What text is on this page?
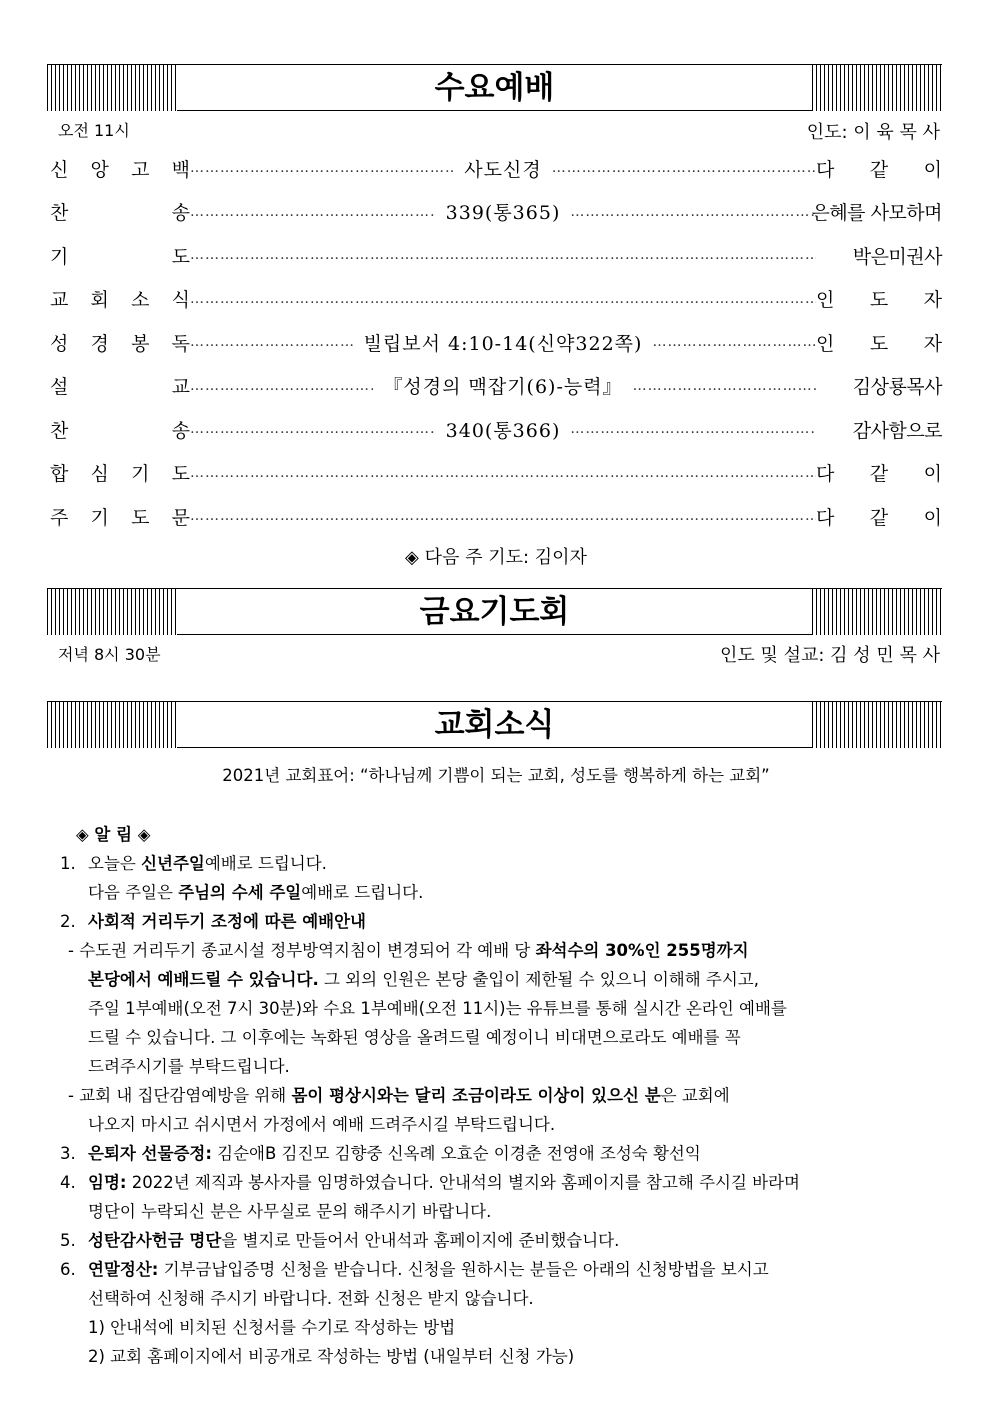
수요예배
오전 11시	인도: 이 육 목 사
신 앙 고 백 ………………………………………………………………………………………………………………………………………………………………	사도신경 ………………………………………………………………………………………………………………………………………………………………	다 같 이
찬	송 ………………………………………………………………………………………………………………………………………………………………	339(통365) ………………………………………………………………………………………………………………………………………………………………	은혜를 사모하며
기	도 ………………………………………………………………………………………………………………………………………………………………	박은미권사
교 회 소 식 ………………………………………………………………………………………………………………………………………………………………	인 도 자
성 경 봉 독 ………………………………………………………………………………………………………………………………………………………………	빌립보서 4:10-14(신약322쪽) ………………………………………………………………………………………………………………………………………………………………	인 도 자
설	교 ………………………………………………………………………………………………………………………………………………………………	『성경의 맥잡기(6)-능력』 ………………………………………………………………………………………………………………………………………………………………	김상룡목사
찬	송 ………………………………………………………………………………………………………………………………………………………………	340(통366) ………………………………………………………………………………………………………………………………………………………………	감사함으로
합 심 기 도 ………………………………………………………………………………………………………………………………………………………………	다 같 이
주 기 도 문 ………………………………………………………………………………………………………………………………………………………………	다 같 이
◈ 다음 주 기도: 김이자
금요기도회
저녁 8시 30분	인도 및 설교: 김 성 민 목 사
교회소식
2021년 교회표어: “하나님께 기쁨이 되는 교회, 성도를 행복하게 하는 교회”

◈ 알 림 ◈

1. 오늘은 신년주일예배로 드립니다.

다음 주일은 주님의 수세 주일예배로 드립니다.

2. 사회적 거리두기 조정에 따른 예배안내

- 수도권 거리두기 종교시설 정부방역지침이 변경되어 각 예배 당 좌석수의 30%인 255명까지

본당에서 예배드릴 수 있습니다. 그 외의 인원은 본당 출입이 제한될 수 있으니 이해해 주시고,

주일 1부예배(오전 7시 30분)와 수요 1부예배(오전 11시)는 유튜브를 통해 실시간 온라인 예배를

드릴 수 있습니다. 그 이후에는 녹화된 영상을 올려드릴 예정이니 비대면으로라도 예배를 꼭

드려주시기를 부탁드립니다.

- 교회 내 집단감염예방을 위해 몸이 평상시와는 달리 조금이라도 이상이 있으신 분은 교회에

나오지 마시고 쉬시면서 가정에서 예배 드려주시길 부탁드립니다.

3. 은퇴자 선물증정: 김순애B 김진모 김향중 신옥례 오효순 이경춘 전영애 조성숙 황선익

4. 임명: 2022년 제직과 봉사자를 임명하였습니다. 안내석의 별지와 홈페이지를 참고해 주시길 바라며

명단이 누락되신 분은 사무실로 문의 해주시기 바랍니다.

5. 성탄감사헌금 명단을 별지로 만들어서 안내석과 홈페이지에 준비했습니다.

6. 연말정산: 기부금납입증명 신청을 받습니다. 신청을 원하시는 분들은 아래의 신청방법을 보시고

선택하여 신청해 주시기 바랍니다. 전화 신청은 받지 않습니다.

1) 안내석에 비치된 신청서를 수기로 작성하는 방법

2) 교회 홈페이지에서 비공개로 작성하는 방법 (내일부터 신청 가능)
